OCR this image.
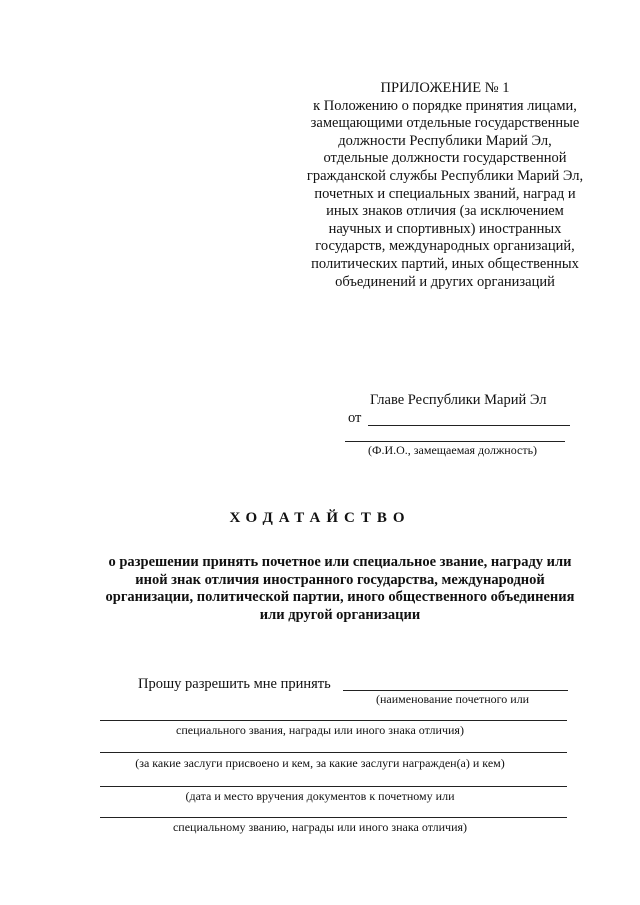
ПРИЛОЖЕНИЕ № 1
к Положению о порядке принятия лицами, замещающими отдельные государственные должности Республики Марий Эл, отдельные должности государственной гражданской службы Республики Марий Эл, почетных и специальных званий, наград и иных знаков отличия (за исключением научных и спортивных) иностранных государств, международных организаций, политических партий, иных общественных объединений и других организаций
Главе Республики Марий Эл
от
(Ф.И.О., замещаемая должность)
ХОДАТАЙСТВО
о разрешении принять почетное или специальное звание, награду или иной знак отличия иностранного государства, международной организации, политической партии, иного общественного объединения или другой организации
Прошу разрешить мне принять
(наименование почетного или
специального звания, награды или иного знака отличия)
(за какие заслуги присвоено и кем, за какие заслуги награжден(а) и кем)
(дата и место вручения документов к почетному или
специальному званию, награды или иного знака отличия)
